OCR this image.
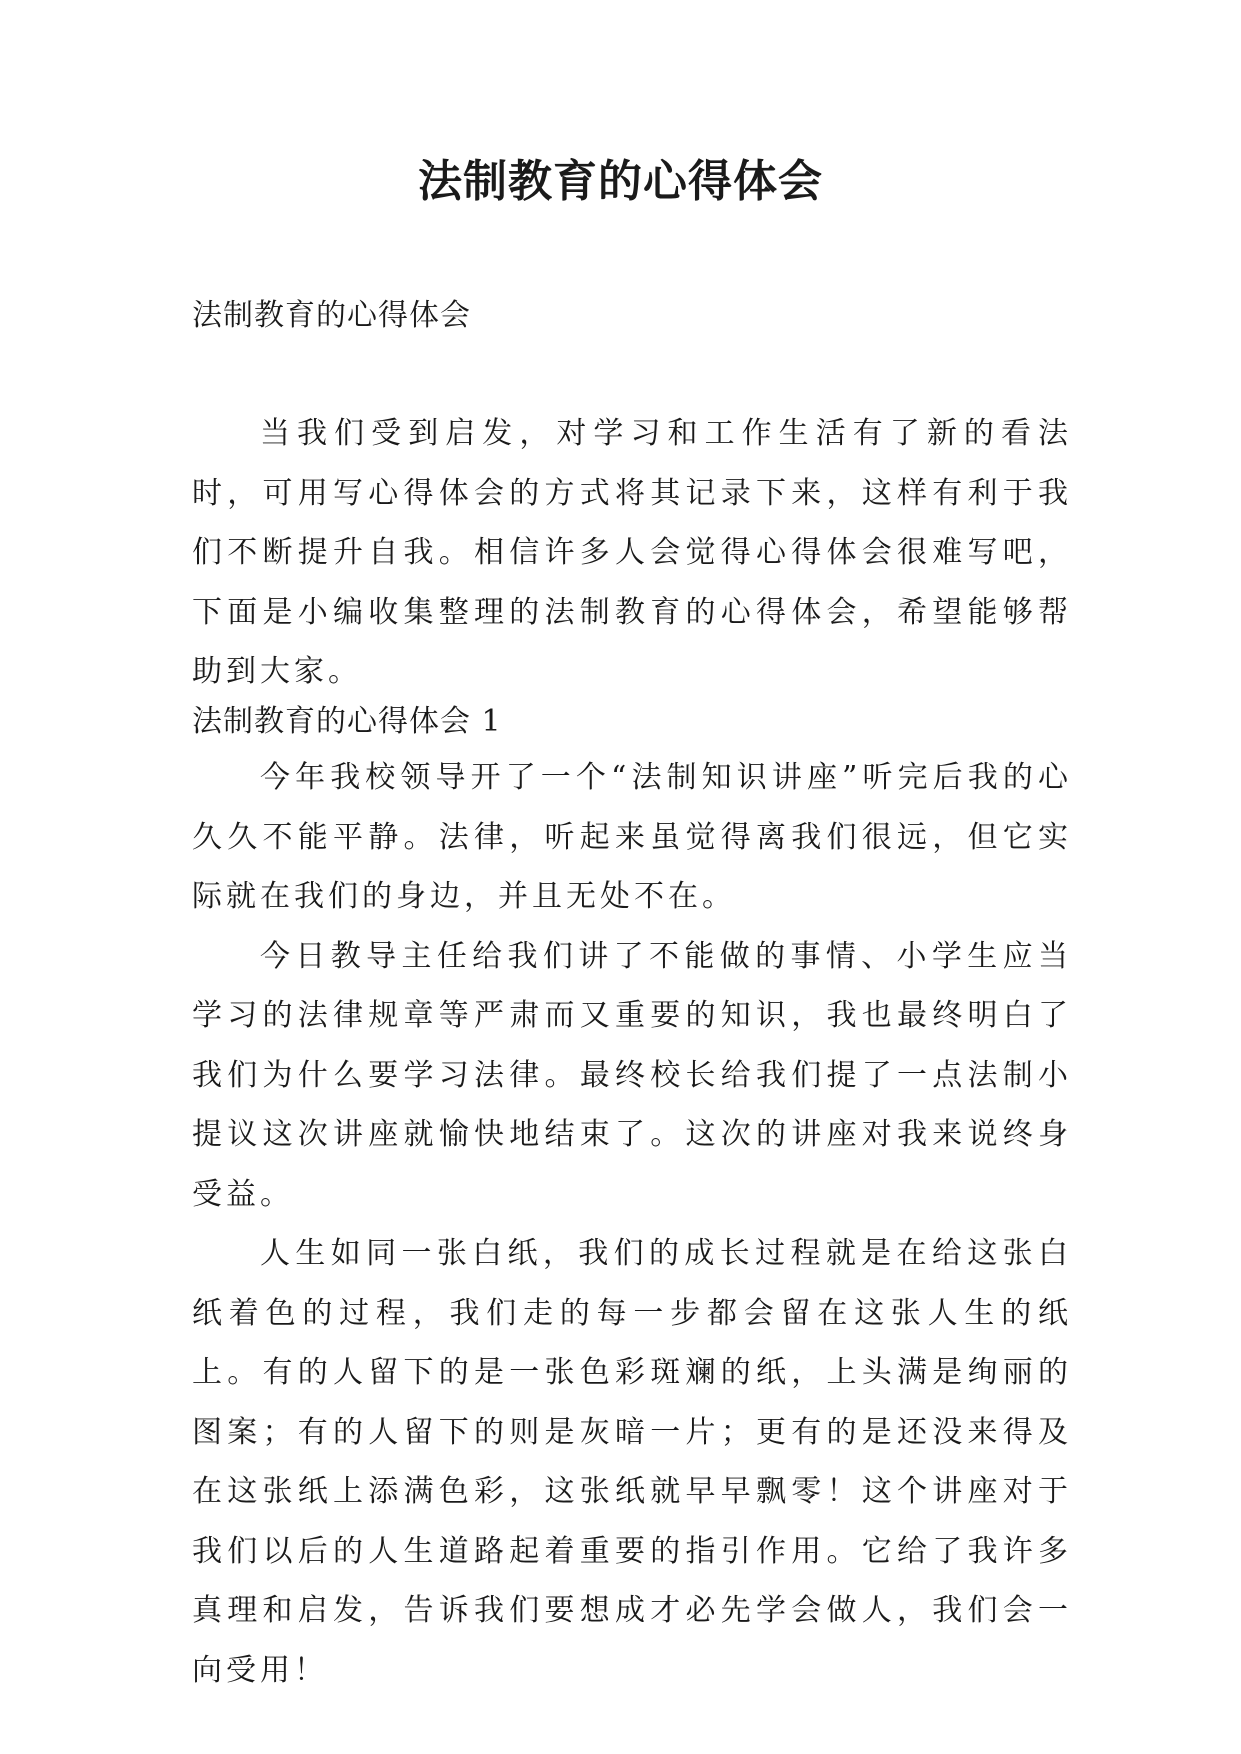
法制教育的心得体会

法制教育的心得体会

当我们受到启发，对学习和工作生活有了新的看法时，可用写心得体会的方式将其记录下来，这样有利于我们不断提升自我。相信许多人会觉得心得体会很难写吧，下面是小编收集整理的法制教育的心得体会，希望能够帮助到大家。

法制教育的心得体会 1

今年我校领导开了一个“法制知识讲座”听完后我的心久久不能平静。法律，听起来虽觉得离我们很远，但它实际就在我们的身边，并且无处不在。

今日教导主任给我们讲了不能做的事情、小学生应当学习的法律规章等严肃而又重要的知识，我也最终明白了我们为什么要学习法律。最终校长给我们提了一点法制小提议这次讲座就愉快地结束了。这次的讲座对我来说终身受益。

人生如同一张白纸，我们的成长过程就是在给这张白纸着色的过程，我们走的每一步都会留在这张人生的纸上。有的人留下的是一张色彩斑斓的纸，上头满是绚丽的图案；有的人留下的则是灰暗一片；更有的是还没来得及在这张纸上添满色彩，这张纸就早早飘零！这个讲座对于我们以后的人生道路起着重要的指引作用。它给了我许多真理和启发，告诉我们要想成才必先学会做人，我们会一向受用！
